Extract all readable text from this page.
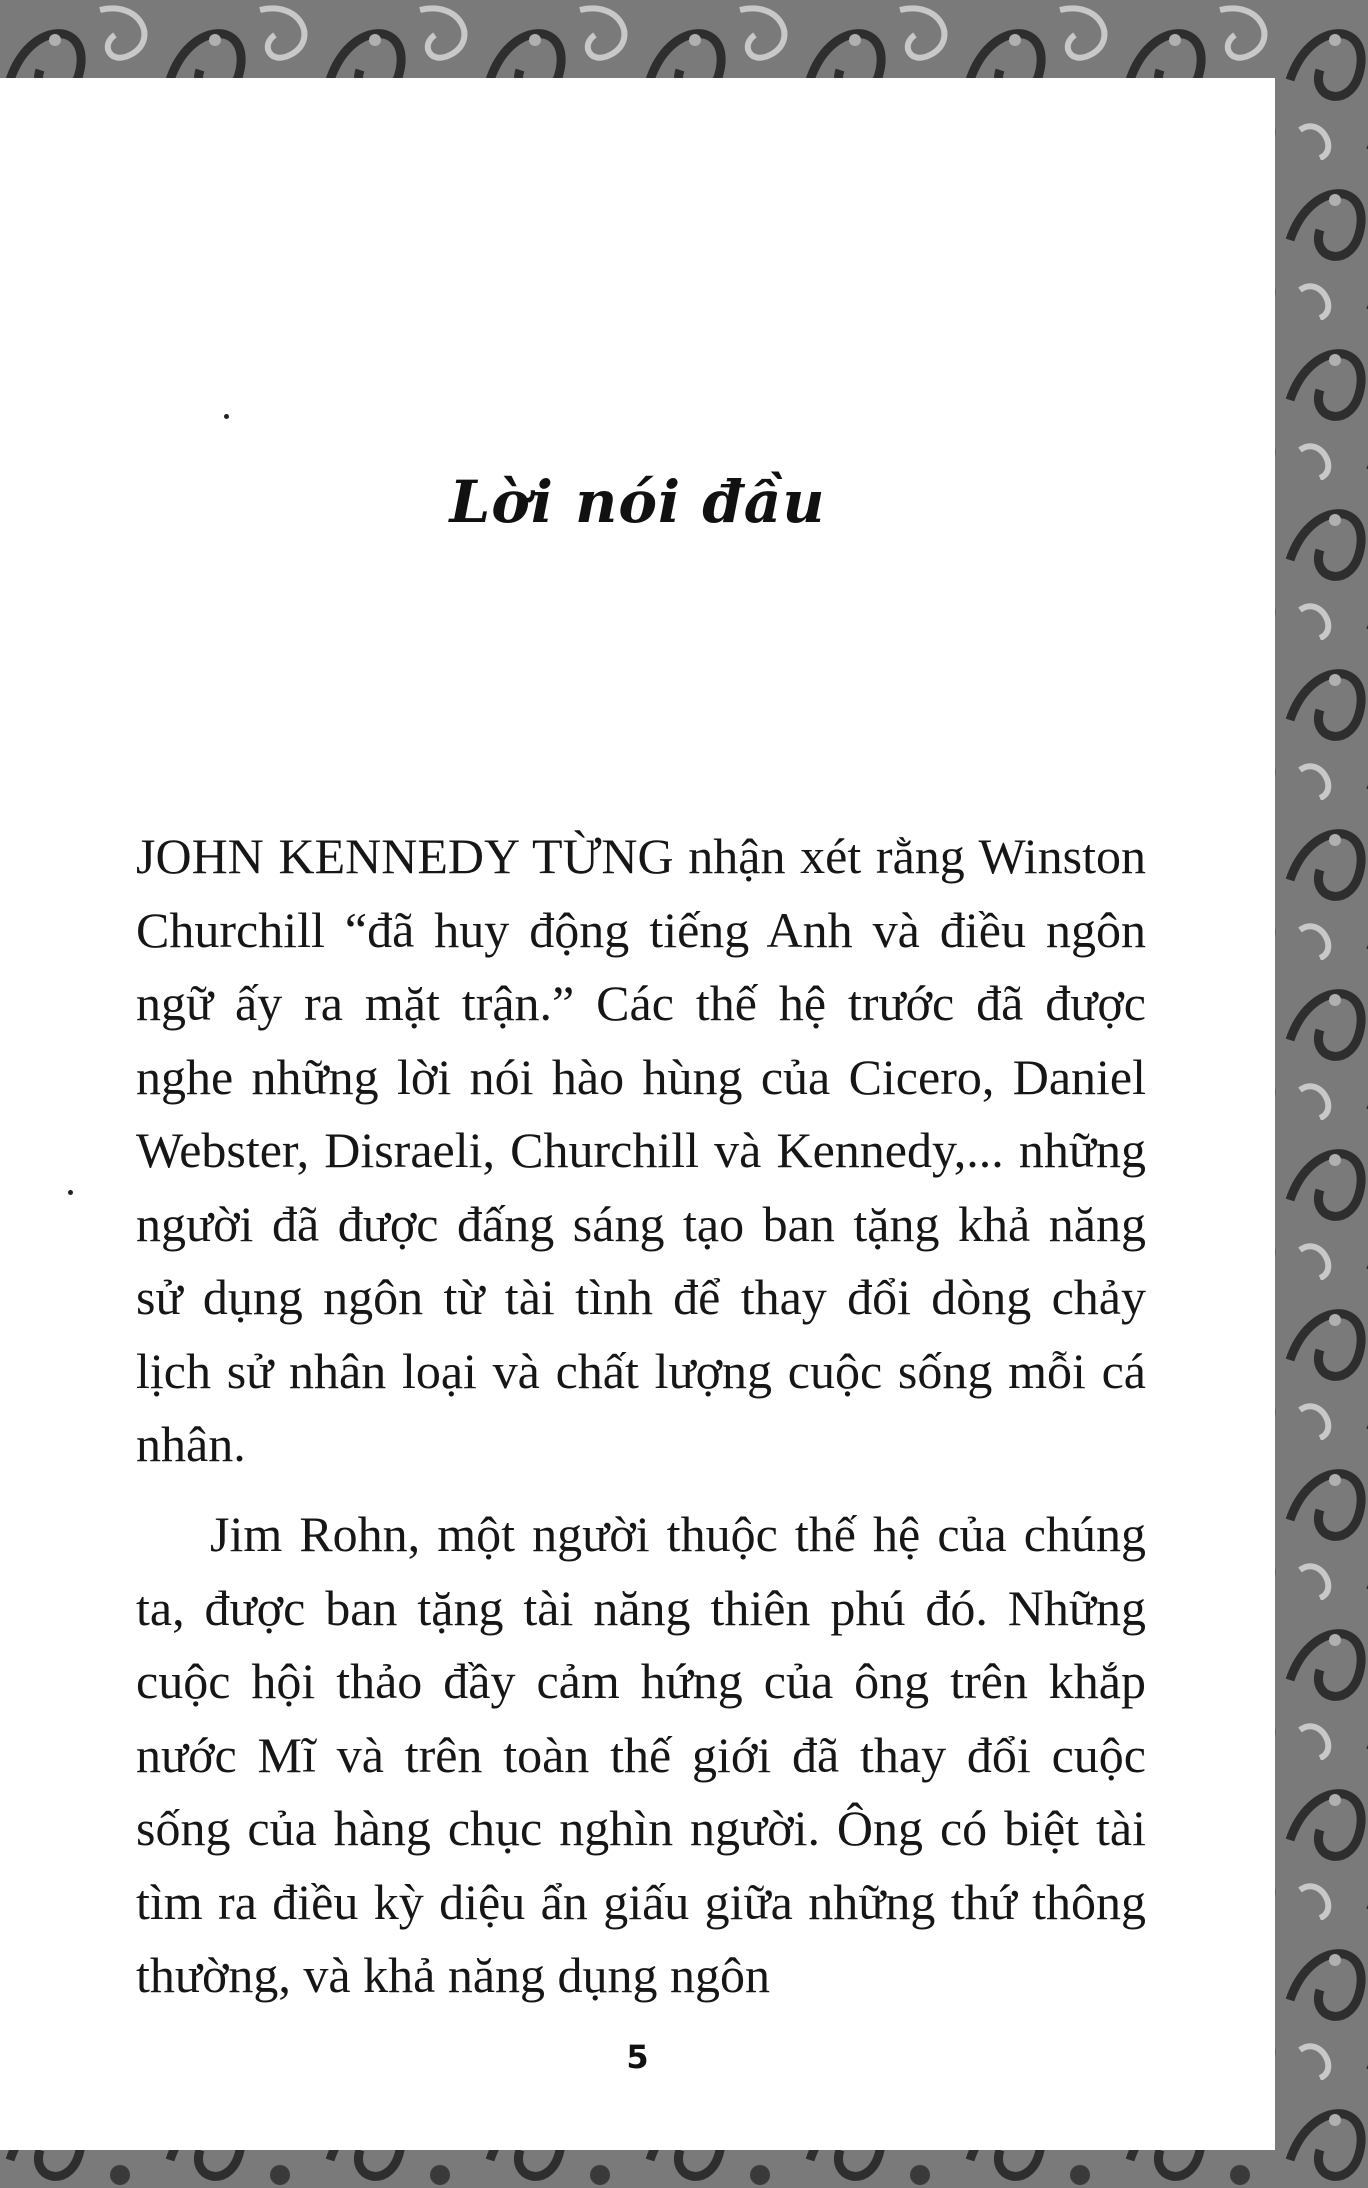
Lời nói đầu

JOHN KENNEDY TỪNG nhận xét rằng Winston Churchill “đã huy động tiếng Anh và điều ngôn ngữ ấy ra mặt trận.” Các thế hệ trước đã được nghe những lời nói hào hùng của Cicero, Daniel Webster, Disraeli, Churchill và Kennedy,... những người đã được đấng sáng tạo ban tặng khả năng sử dụng ngôn từ tài tình để thay đổi dòng chảy lịch sử nhân loại và chất lượng cuộc sống mỗi cá nhân.

Jim Rohn, một người thuộc thế hệ của chúng ta, được ban tặng tài năng thiên phú đó. Những cuộc hội thảo đầy cảm hứng của ông trên khắp nước Mĩ và trên toàn thế giới đã thay đổi cuộc sống của hàng chục nghìn người. Ông có biệt tài tìm ra điều kỳ diệu ẩn giấu giữa những thứ thông thường, và khả năng dụng ngôn

5
